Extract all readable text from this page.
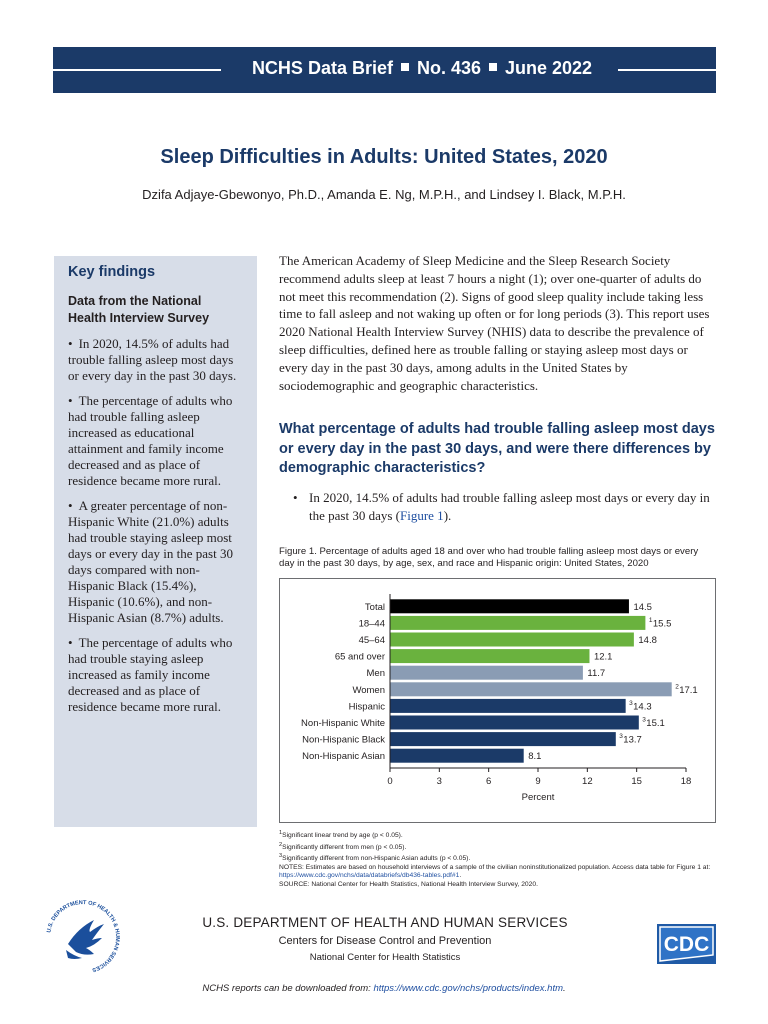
NCHS Data Brief No. 436 June 2022
Sleep Difficulties in Adults: United States, 2020
Dzifa Adjaye-Gbewonyo, Ph.D., Amanda E. Ng, M.P.H., and Lindsey I. Black, M.P.H.
Key findings
Data from the National Health Interview Survey
• In 2020, 14.5% of adults had trouble falling asleep most days or every day in the past 30 days.
• The percentage of adults who had trouble falling asleep increased as educational attainment and family income decreased and as place of residence became more rural.
• A greater percentage of non-Hispanic White (21.0%) adults had trouble staying asleep most days or every day in the past 30 days compared with non-Hispanic Black (15.4%), Hispanic (10.6%), and non-Hispanic Asian (8.7%) adults.
• The percentage of adults who had trouble staying asleep increased as family income decreased and as place of residence became more rural.
The American Academy of Sleep Medicine and the Sleep Research Society recommend adults sleep at least 7 hours a night (1); over one-quarter of adults do not meet this recommendation (2). Signs of good sleep quality include taking less time to fall asleep and not waking up often or for long periods (3). This report uses 2020 National Health Interview Survey (NHIS) data to describe the prevalence of sleep difficulties, defined here as trouble falling or staying asleep most days or every day in the past 30 days, among adults in the United States by sociodemographic and geographic characteristics.
What percentage of adults had trouble falling asleep most days or every day in the past 30 days, and were there differences by demographic characteristics?
• In 2020, 14.5% of adults had trouble falling asleep most days or every day in the past 30 days (Figure 1).
Figure 1. Percentage of adults aged 18 and over who had trouble falling asleep most days or every day in the past 30 days, by age, sex, and race and Hispanic origin: United States, 2020
Total	14.5
18–44	1 15.5
45–64	14.8
65 and over	12.1
Men	11.7
Women	2 17.1
Hispanic	3 14.3
Non-Hispanic White	3 15.1
Non-Hispanic Black	3 13.7
Non-Hispanic Asian	8.1
0	3	6	9	12	15	18
Percent
$^1$Significant linear trend by age (p < 0.05).
$^2$Significantly different from men (p < 0.05).
$^3$Significantly different from non-Hispanic Asian adults (p < 0.05).
NOTES: Estimates are based on household interviews of a sample of the civilian noninstitutionalized population. Access data table for Figure 1 at: https://www.cdc.gov/nchs/data/databriefs/db436-tables.pdf#1.
SOURCE: National Center for Health Statistics, National Health Interview Survey, 2020.
U.S. DEPARTMENT OF HEALTH & HUMAN SERVICES
U.S. DEPARTMENT OF HEALTH AND HUMAN SERVICES
Centers for Disease Control and Prevention
National Center for Health Statistics
CDC
NCHS reports can be downloaded from: https://www.cdc.gov/nchs/products/index.htm.
